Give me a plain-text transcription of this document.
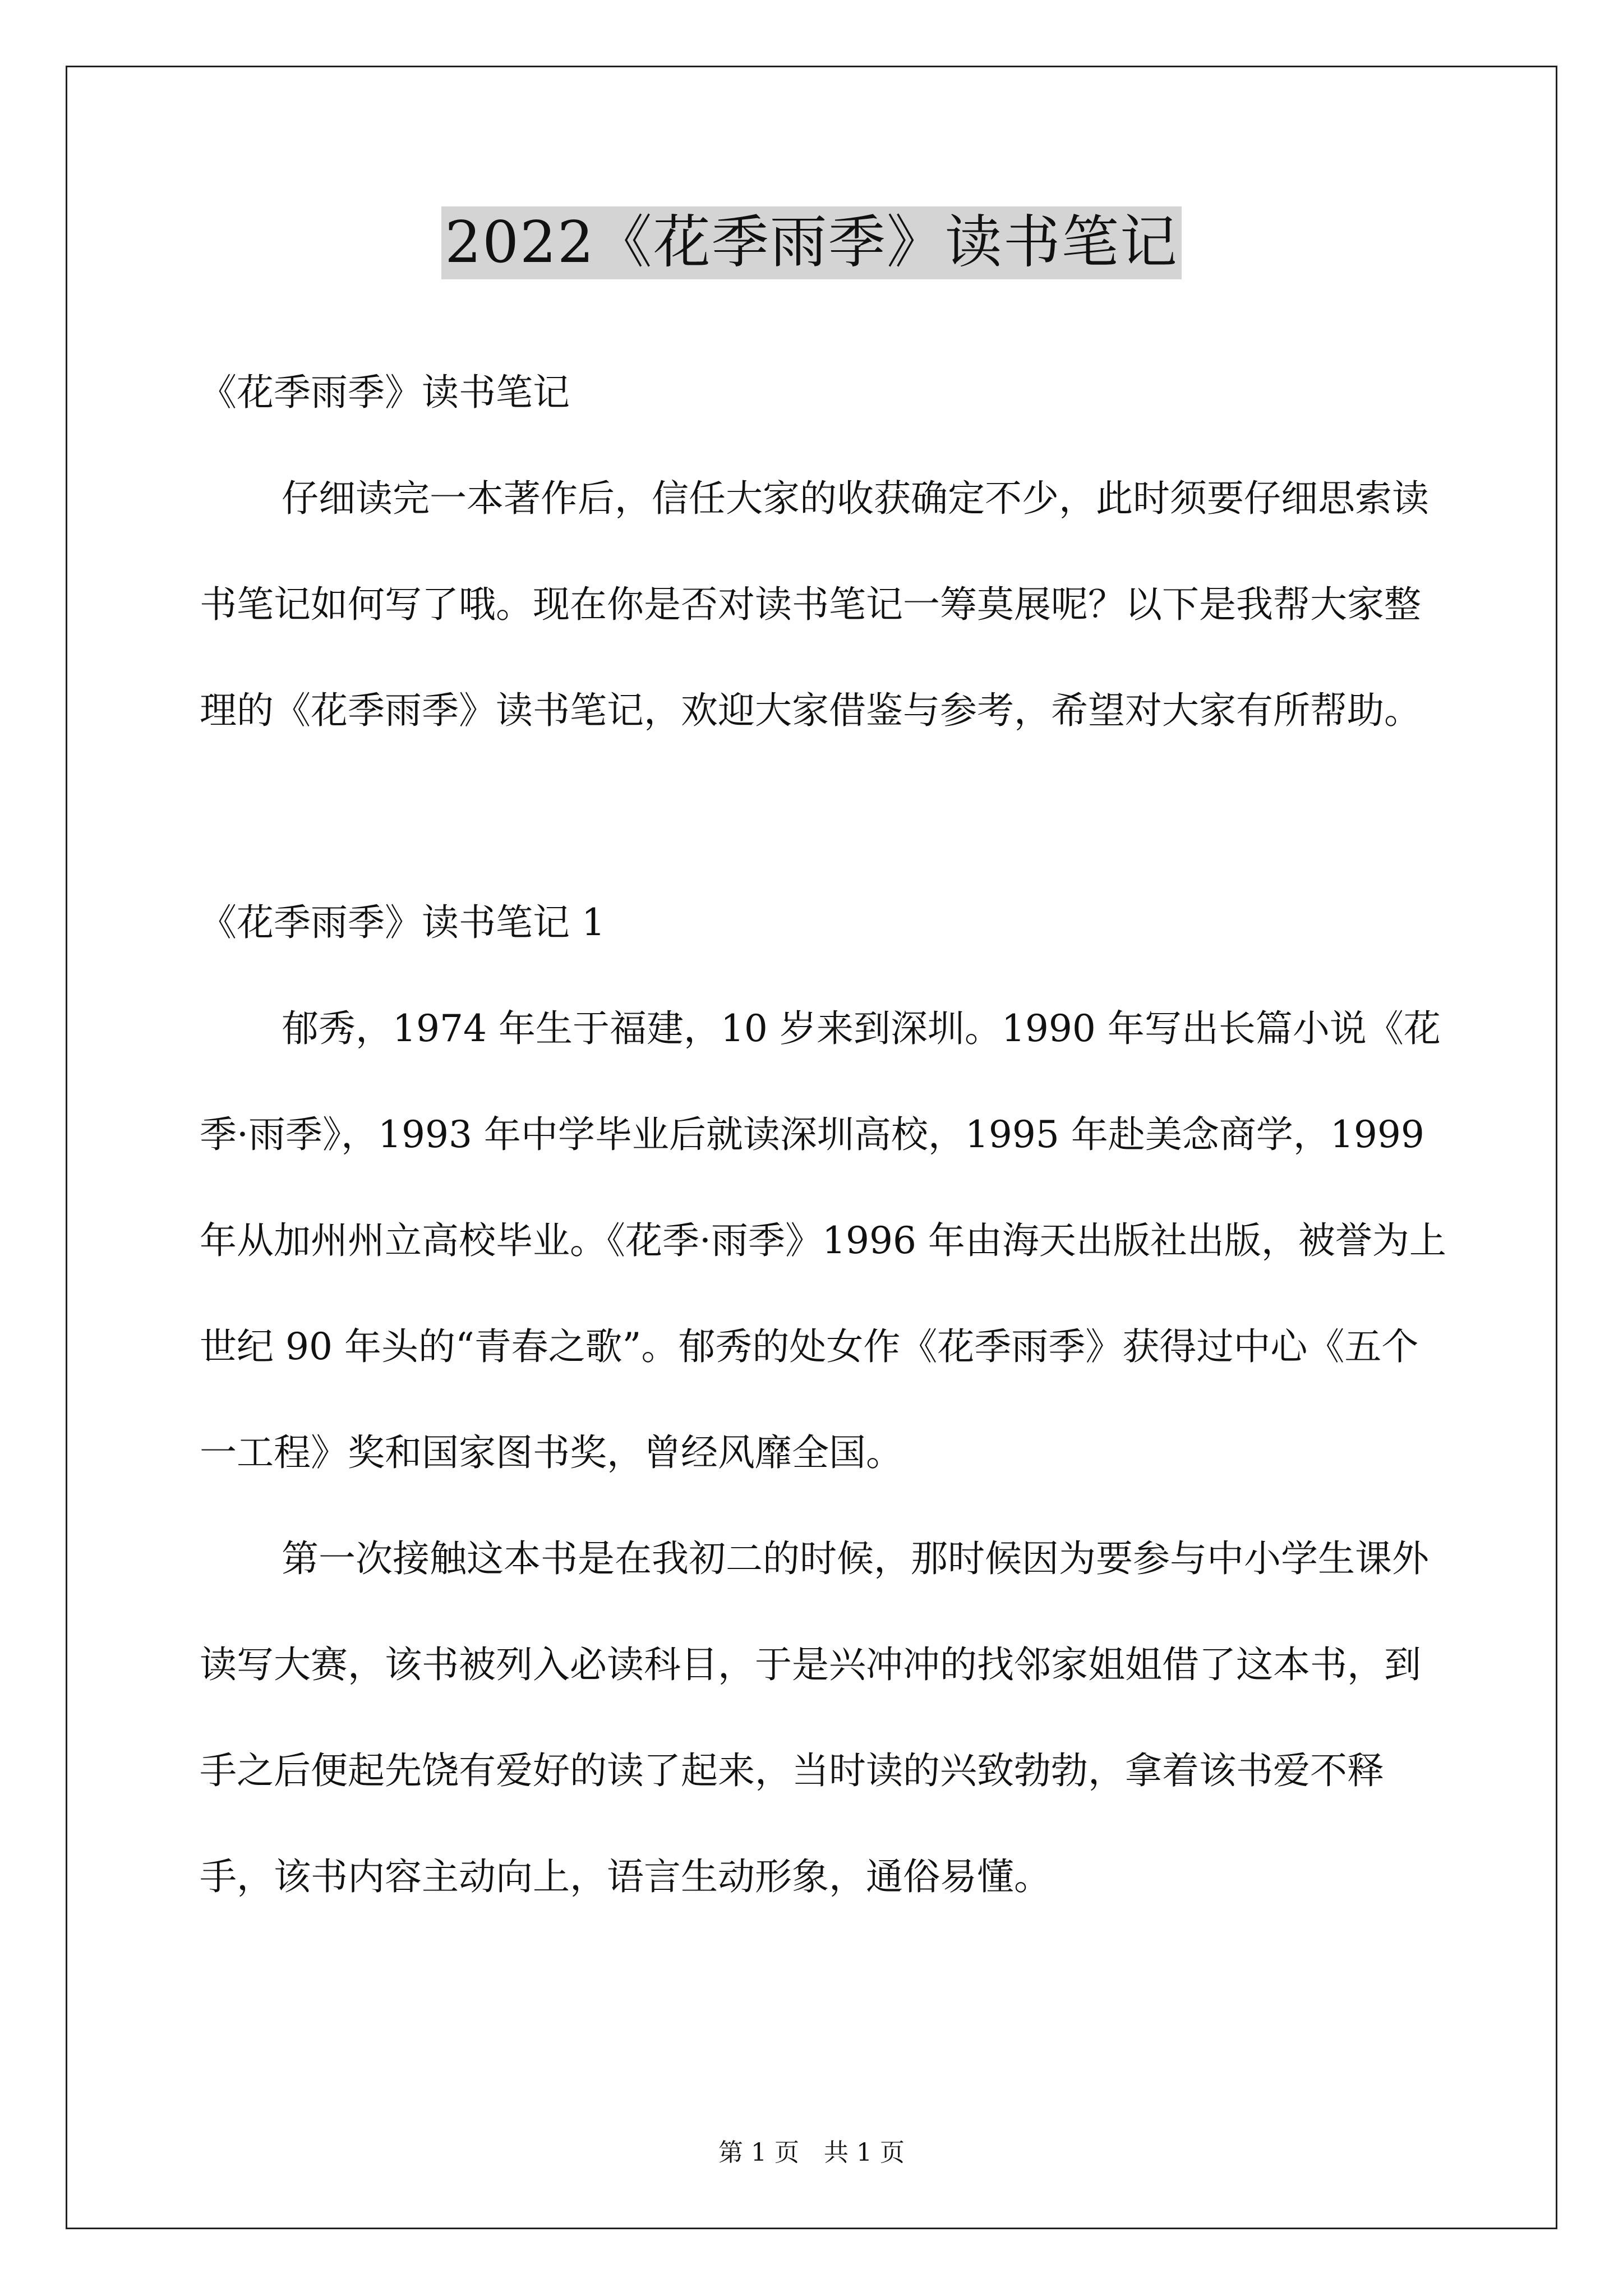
2022《花季雨季》读书笔记

《花季雨季》读书笔记

仔细读完一本著作后，信任大家的收获确定不少，此时须要仔细思索读书笔记如何写了哦。现在你是否对读书笔记一筹莫展呢？以下是我帮大家整理的《花季雨季》读书笔记，欢迎大家借鉴与参考，希望对大家有所帮助。

《花季雨季》读书笔记 1

郁秀，1974 年生于福建，10 岁来到深圳。1990 年写出长篇小说《花季·雨季》，1993 年中学毕业后就读深圳高校，1995 年赴美念商学，1999 年从加州州立高校毕业。《花季·雨季》1996 年由海天出版社出版，被誉为上世纪 90 年头的“青春之歌”。郁秀的处女作《花季雨季》获得过中心《五个一工程》奖和国家图书奖，曾经风靡全国。

第一次接触这本书是在我初二的时候，那时候因为要参与中小学生课外读写大赛，该书被列入必读科目，于是兴冲冲的找邻家姐姐借了这本书，到手之后便起先饶有爱好的读了起来，当时读的兴致勃勃，拿着该书爱不释手，该书内容主动向上，语言生动形象，通俗易懂。

第 1 页　共 1 页
